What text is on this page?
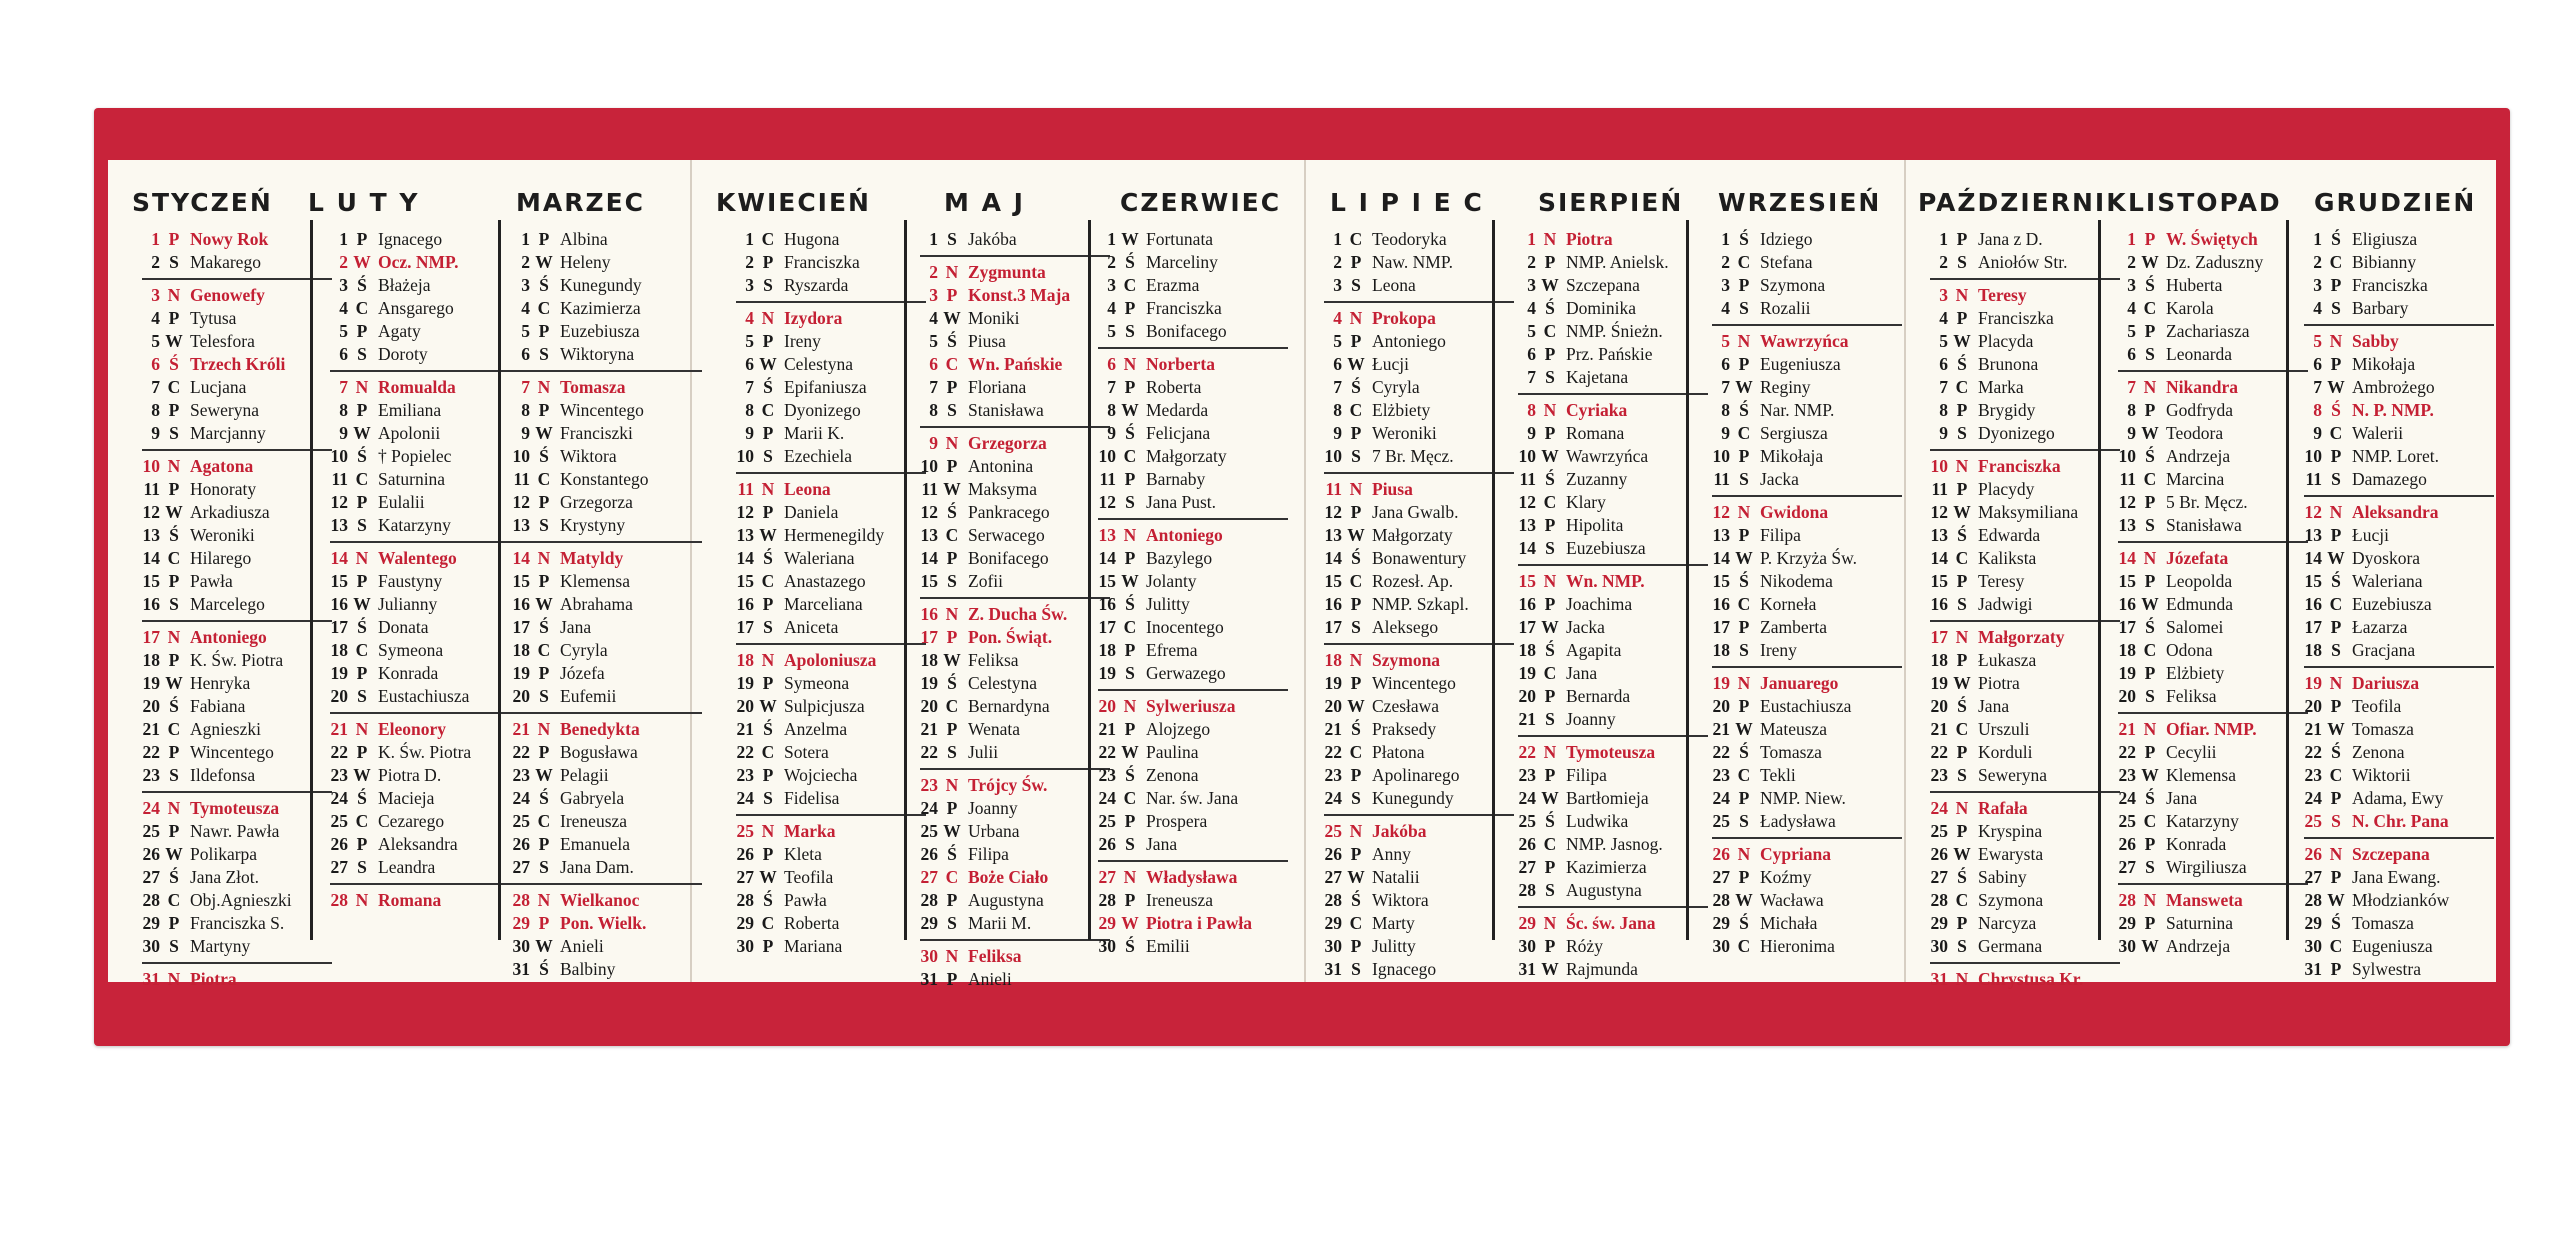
STYCZEŃ
1 P Nowy Rok
2 S Makarego
3 N Genowefy
4 P Tytusa
5 W Telesfora
6 Ś Trzech Króli
7 C Lucjana
8 P Seweryna
9 S Marcjanny
10 N Agatona
11 P Honoraty
12 W Arkadiusza
13 Ś Weroniki
14 C Hilarego
15 P Pawła
16 S Marcelego
17 N Antoniego
18 P K. Św. Piotra
19 W Henryka
20 Ś Fabiana
21 C Agnieszki
22 P Wincentego
23 S Ildefonsa
24 N Tymoteusza
25 P Nawr. Pawła
26 W Polikarpa
27 Ś Jana Złot.
28 C Obj.Agnieszki
29 P Franciszka S.
30 S Martyny
31 N Piotra
L U T Y
1 P Ignacego
2 W Ocz. NMP.
3 Ś Błażeja
4 C Ansgarego
5 P Agaty
6 S Doroty
7 N Romualda
8 P Emiliana
9 W Apolonii
10 Ś † Popielec
11 C Saturnina
12 P Eulalii
13 S Katarzyny
14 N Walentego
15 P Faustyny
16 W Julianny
17 Ś Donata
18 C Symeona
19 P Konrada
20 S Eustachiusza
21 N Eleonory
22 P K. Św. Piotra
23 W Piotra D.
24 Ś Macieja
25 C Cezarego
26 P Aleksandra
27 S Leandra
28 N Romana
MARZEC
1 P Albina
2 W Heleny
3 Ś Kunegundy
4 C Kazimierza
5 P Euzebiusza
6 S Wiktoryna
7 N Tomasza
8 P Wincentego
9 W Franciszki
10 Ś Wiktora
11 C Konstantego
12 P Grzegorza
13 S Krystyny
14 N Matyldy
15 P Klemensa
16 W Abrahama
17 Ś Jana
18 C Cyryla
19 P Józefa
20 S Eufemii
21 N Benedykta
22 P Bogusława
23 W Pelagii
24 Ś Gabryela
25 C Ireneusza
26 P Emanuela
27 S Jana Dam.
28 N Wielkanoc
29 P Pon. Wielk.
30 W Anieli
31 Ś Balbiny
KWIECIEŃ
1 C Hugona
2 P Franciszka
3 S Ryszarda
4 N Izydora
5 P Ireny
6 W Celestyna
7 Ś Epifaniusza
8 C Dyonizego
9 P Marii K.
10 S Ezechiela
11 N Leona
12 P Daniela
13 W Hermenegildy
14 Ś Waleriana
15 C Anastazego
16 P Marceliana
17 S Aniceta
18 N Apoloniusza
19 P Symeona
20 W Sulpicjusza
21 Ś Anzelma
22 C Sotera
23 P Wojciecha
24 S Fidelisa
25 N Marka
26 P Kleta
27 W Teofila
28 Ś Pawła
29 C Roberta
30 P Mariana
M A J
1 S Jakóba
2 N Zygmunta
3 P Konst.3 Maja
4 W Moniki
5 Ś Piusa
6 C Wn. Pańskie
7 P Floriana
8 S Stanisława
9 N Grzegorza
10 P Antonina
11 W Maksyma
12 Ś Pankracego
13 C Serwacego
14 P Bonifacego
15 S Zofii
16 N Z. Ducha Św.
17 P Pon. Świąt.
18 W Feliksa
19 Ś Celestyna
20 C Bernardyna
21 P Wenata
22 S Julii
23 N Trójcy Św.
24 P Joanny
25 W Urbana
26 Ś Filipa
27 C Boże Ciało
28 P Augustyna
29 S Marii M.
30 N Feliksa
31 P Anieli
CZERWIEC
1 W Fortunata
2 Ś Marceliny
3 C Erazma
4 P Franciszka
5 S Bonifacego
6 N Norberta
7 P Roberta
8 W Medarda
9 Ś Felicjana
10 C Małgorzaty
11 P Barnaby
12 S Jana Pust.
13 N Antoniego
14 P Bazylego
15 W Jolanty
16 Ś Julitty
17 C Inocentego
18 P Efrema
19 S Gerwazego
20 N Sylweriusza
21 P Alojzego
22 W Paulina
23 Ś Zenona
24 C Nar. św. Jana
25 P Prospera
26 S Jana
27 N Władysława
28 P Ireneusza
29 W Piotra i Pawła
30 Ś Emilii
L I P I E C
1 C Teodoryka
2 P Naw. NMP.
3 S Leona
4 N Prokopa
5 P Antoniego
6 W Łucji
7 Ś Cyryla
8 C Elżbiety
9 P Weroniki
10 S 7 Br. Męcz.
11 N Piusa
12 P Jana Gwalb.
13 W Małgorzaty
14 Ś Bonawentury
15 C Rozesł. Ap.
16 P NMP. Szkapl.
17 S Aleksego
18 N Szymona
19 P Wincentego
20 W Czesława
21 Ś Praksedy
22 C Płatona
23 P Apolinarego
24 S Kunegundy
25 N Jakóba
26 P Anny
27 W Natalii
28 Ś Wiktora
29 C Marty
30 P Julitty
31 S Ignacego
SIERPIEŃ
1 N Piotra
2 P NMP. Anielsk.
3 W Szczepana
4 Ś Dominika
5 C NMP. Śnieżn.
6 P Prz. Pańskie
7 S Kajetana
8 N Cyriaka
9 P Romana
10 W Wawrzyńca
11 Ś Zuzanny
12 C Klary
13 P Hipolita
14 S Euzebiusza
15 N Wn. NMP.
16 P Joachima
17 W Jacka
18 Ś Agapita
19 C Jana
20 P Bernarda
21 S Joanny
22 N Tymoteusza
23 P Filipa
24 W Bartłomieja
25 Ś Ludwika
26 C NMP. Jasnog.
27 P Kazimierza
28 S Augustyna
29 N Śc. św. Jana
30 P Róży
31 W Rajmunda
WRZESIEŃ
1 Ś Idziego
2 C Stefana
3 P Szymona
4 S Rozalii
5 N Wawrzyńca
6 P Eugeniusza
7 W Reginy
8 Ś Nar. NMP.
9 C Sergiusza
10 P Mikołaja
11 S Jacka
12 N Gwidona
13 P Filipa
14 W P. Krzyża Św.
15 Ś Nikodema
16 C Korneła
17 P Zamberta
18 S Ireny
19 N Januarego
20 P Eustachiusza
21 W Mateusza
22 Ś Tomasza
23 C Tekli
24 P NMP. Niew.
25 S Ładysława
26 N Cypriana
27 P Koźmy
28 W Wacława
29 Ś Michała
30 C Hieronima
PAŹDZIERNIK
1 P Jana z D.
2 S Aniołów Str.
3 N Teresy
4 P Franciszka
5 W Placyda
6 Ś Brunona
7 C Marka
8 P Brygidy
9 S Dyonizego
10 N Franciszka
11 P Placydy
12 W Maksymiliana
13 Ś Edwarda
14 C Kaliksta
15 P Teresy
16 S Jadwigi
17 N Małgorzaty
18 P Łukasza
19 W Piotra
20 Ś Jana
21 C Urszuli
22 P Korduli
23 S Seweryna
24 N Rafała
25 P Kryspina
26 W Ewarysta
27 Ś Sabiny
28 C Szymona
29 P Narcyza
30 S Germana
31 N Chrystusa Kr.
LISTOPAD
1 P W. Świętych
2 W Dz. Zaduszny
3 Ś Huberta
4 C Karola
5 P Zachariasza
6 S Leonarda
7 N Nikandra
8 P Godfryda
9 W Teodora
10 Ś Andrzeja
11 C Marcina
12 P 5 Br. Męcz.
13 S Stanisława
14 N Józefata
15 P Leopolda
16 W Edmunda
17 Ś Salomei
18 C Odona
19 P Elżbiety
20 S Feliksa
21 N Ofiar. NMP.
22 P Cecylii
23 W Klemensa
24 Ś Jana
25 C Katarzyny
26 P Konrada
27 S Wirgiliusza
28 N Mansweta
29 P Saturnina
30 W Andrzeja
GRUDZIEŃ
1 Ś Eligiusza
2 C Bibianny
3 P Franciszka
4 S Barbary
5 N Sabby
6 P Mikołaja
7 W Ambrożego
8 Ś N. P. NMP.
9 C Walerii
10 P NMP. Loret.
11 S Damazego
12 N Aleksandra
13 P Łucji
14 W Dyoskora
15 Ś Waleriana
16 C Euzebiusza
17 P Łazarza
18 S Gracjana
19 N Dariusza
20 P Teofila
21 W Tomasza
22 Ś Zenona
23 C Wiktorii
24 P Adama, Ewy
25 S N. Chr. Pana
26 N Szczepana
27 P Jana Ewang.
28 W Młodzianków
29 Ś Tomasza
30 C Eugeniusza
31 P Sylwestra
